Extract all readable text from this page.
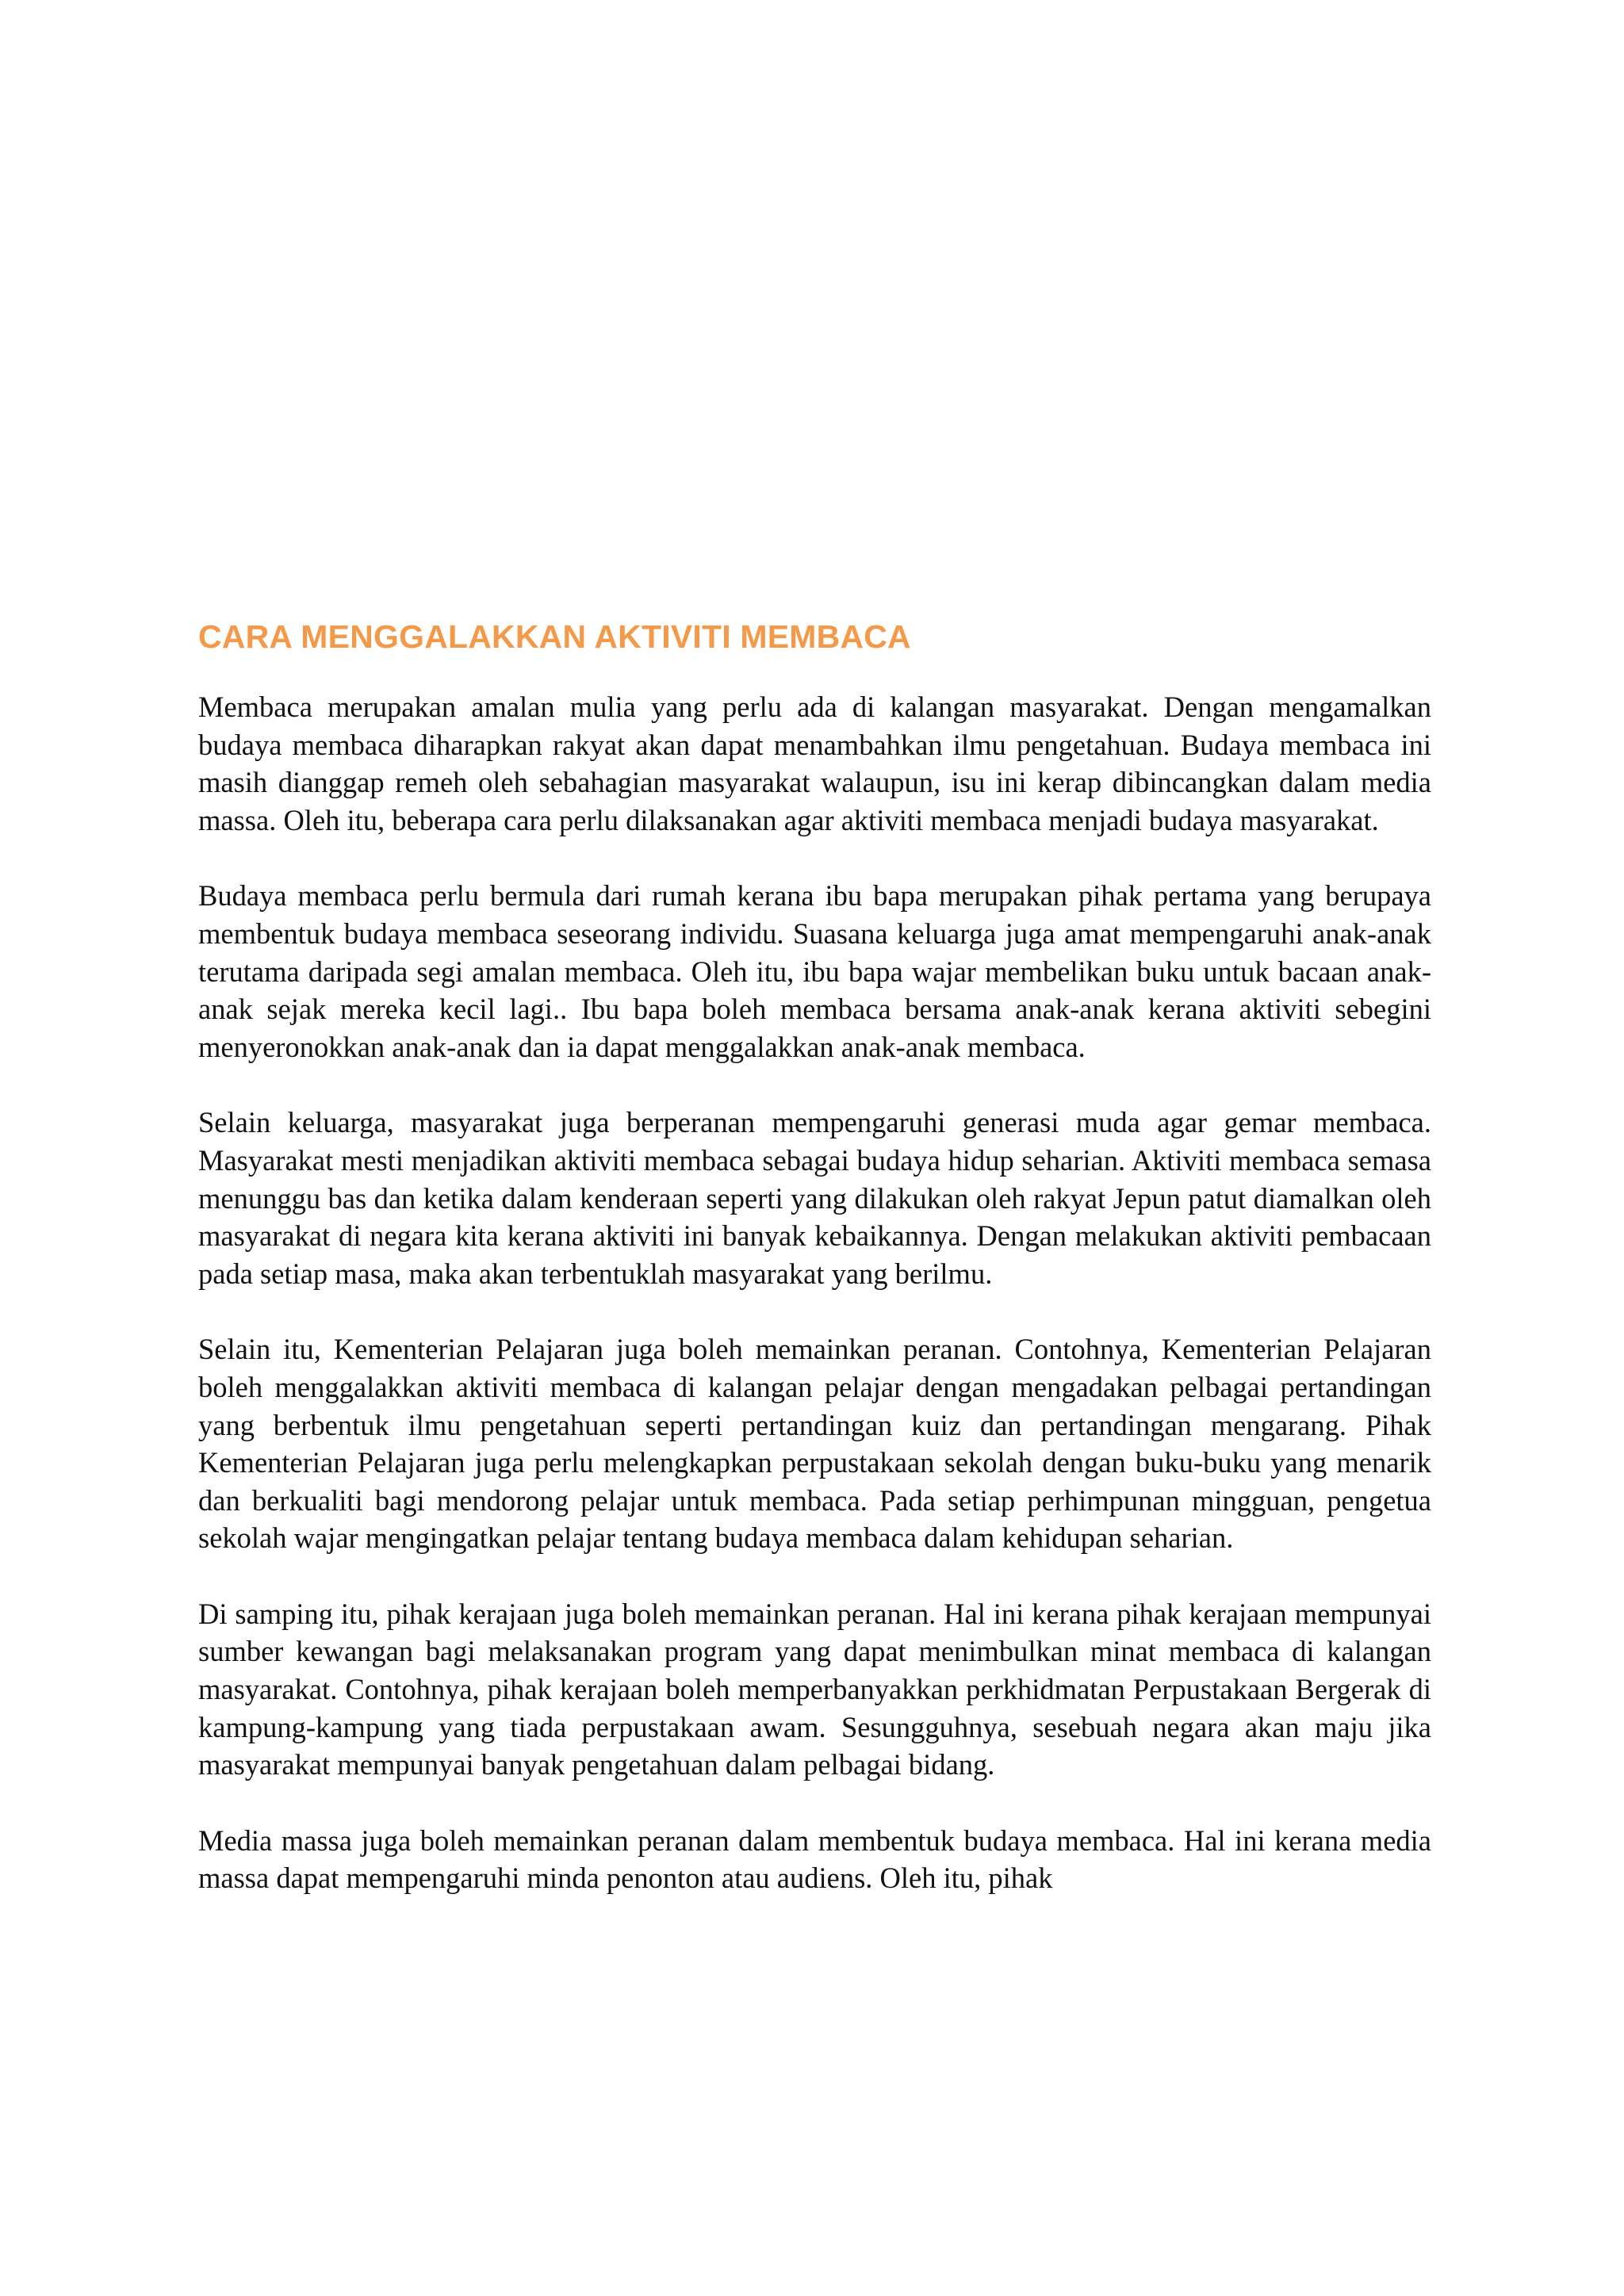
CARA MENGGALAKKAN AKTIVITI MEMBACA

Membaca merupakan amalan mulia yang perlu ada di kalangan masyarakat. Dengan mengamalkan budaya membaca diharapkan rakyat akan dapat menambahkan ilmu pengetahuan. Budaya membaca ini masih dianggap remeh oleh sebahagian masyarakat walaupun, isu ini kerap dibincangkan dalam media massa. Oleh itu, beberapa cara perlu dilaksanakan agar aktiviti membaca menjadi budaya masyarakat.

Budaya membaca perlu bermula dari rumah kerana ibu bapa merupakan pihak pertama yang berupaya membentuk budaya membaca seseorang individu. Suasana keluarga juga amat mempengaruhi anak-anak terutama daripada segi amalan membaca. Oleh itu, ibu bapa wajar membelikan buku untuk bacaan anak-anak sejak mereka kecil lagi.. Ibu bapa boleh membaca bersama anak-anak kerana aktiviti sebegini menyeronokkan anak-anak dan ia dapat menggalakkan anak-anak membaca.

Selain keluarga, masyarakat juga berperanan mempengaruhi generasi muda agar gemar membaca. Masyarakat mesti menjadikan aktiviti membaca sebagai budaya hidup seharian. Aktiviti membaca semasa menunggu bas dan ketika dalam kenderaan seperti yang dilakukan oleh rakyat Jepun patut diamalkan oleh masyarakat di negara kita kerana aktiviti ini banyak kebaikannya. Dengan melakukan aktiviti pembacaan pada setiap masa, maka akan terbentuklah masyarakat yang berilmu.

Selain itu, Kementerian Pelajaran juga boleh memainkan peranan. Contohnya, Kementerian Pelajaran boleh menggalakkan aktiviti membaca di kalangan pelajar dengan mengadakan pelbagai pertandingan yang berbentuk ilmu pengetahuan seperti pertandingan kuiz dan pertandingan mengarang. Pihak Kementerian Pelajaran juga perlu melengkapkan perpustakaan sekolah dengan buku-buku yang menarik dan berkualiti bagi mendorong pelajar untuk membaca. Pada setiap perhimpunan mingguan, pengetua sekolah wajar mengingatkan pelajar tentang budaya membaca dalam kehidupan seharian.

Di samping itu, pihak kerajaan juga boleh memainkan peranan. Hal ini kerana pihak kerajaan mempunyai sumber kewangan bagi melaksanakan program yang dapat menimbulkan minat membaca di kalangan masyarakat. Contohnya, pihak kerajaan boleh memperbanyakkan perkhidmatan Perpustakaan Bergerak di kampung-kampung yang tiada perpustakaan awam. Sesungguhnya, sesebuah negara akan maju jika masyarakat mempunyai banyak pengetahuan dalam pelbagai bidang.

Media massa juga boleh memainkan peranan dalam membentuk budaya membaca. Hal ini kerana media massa dapat mempengaruhi minda penonton atau audiens. Oleh itu, pihak
